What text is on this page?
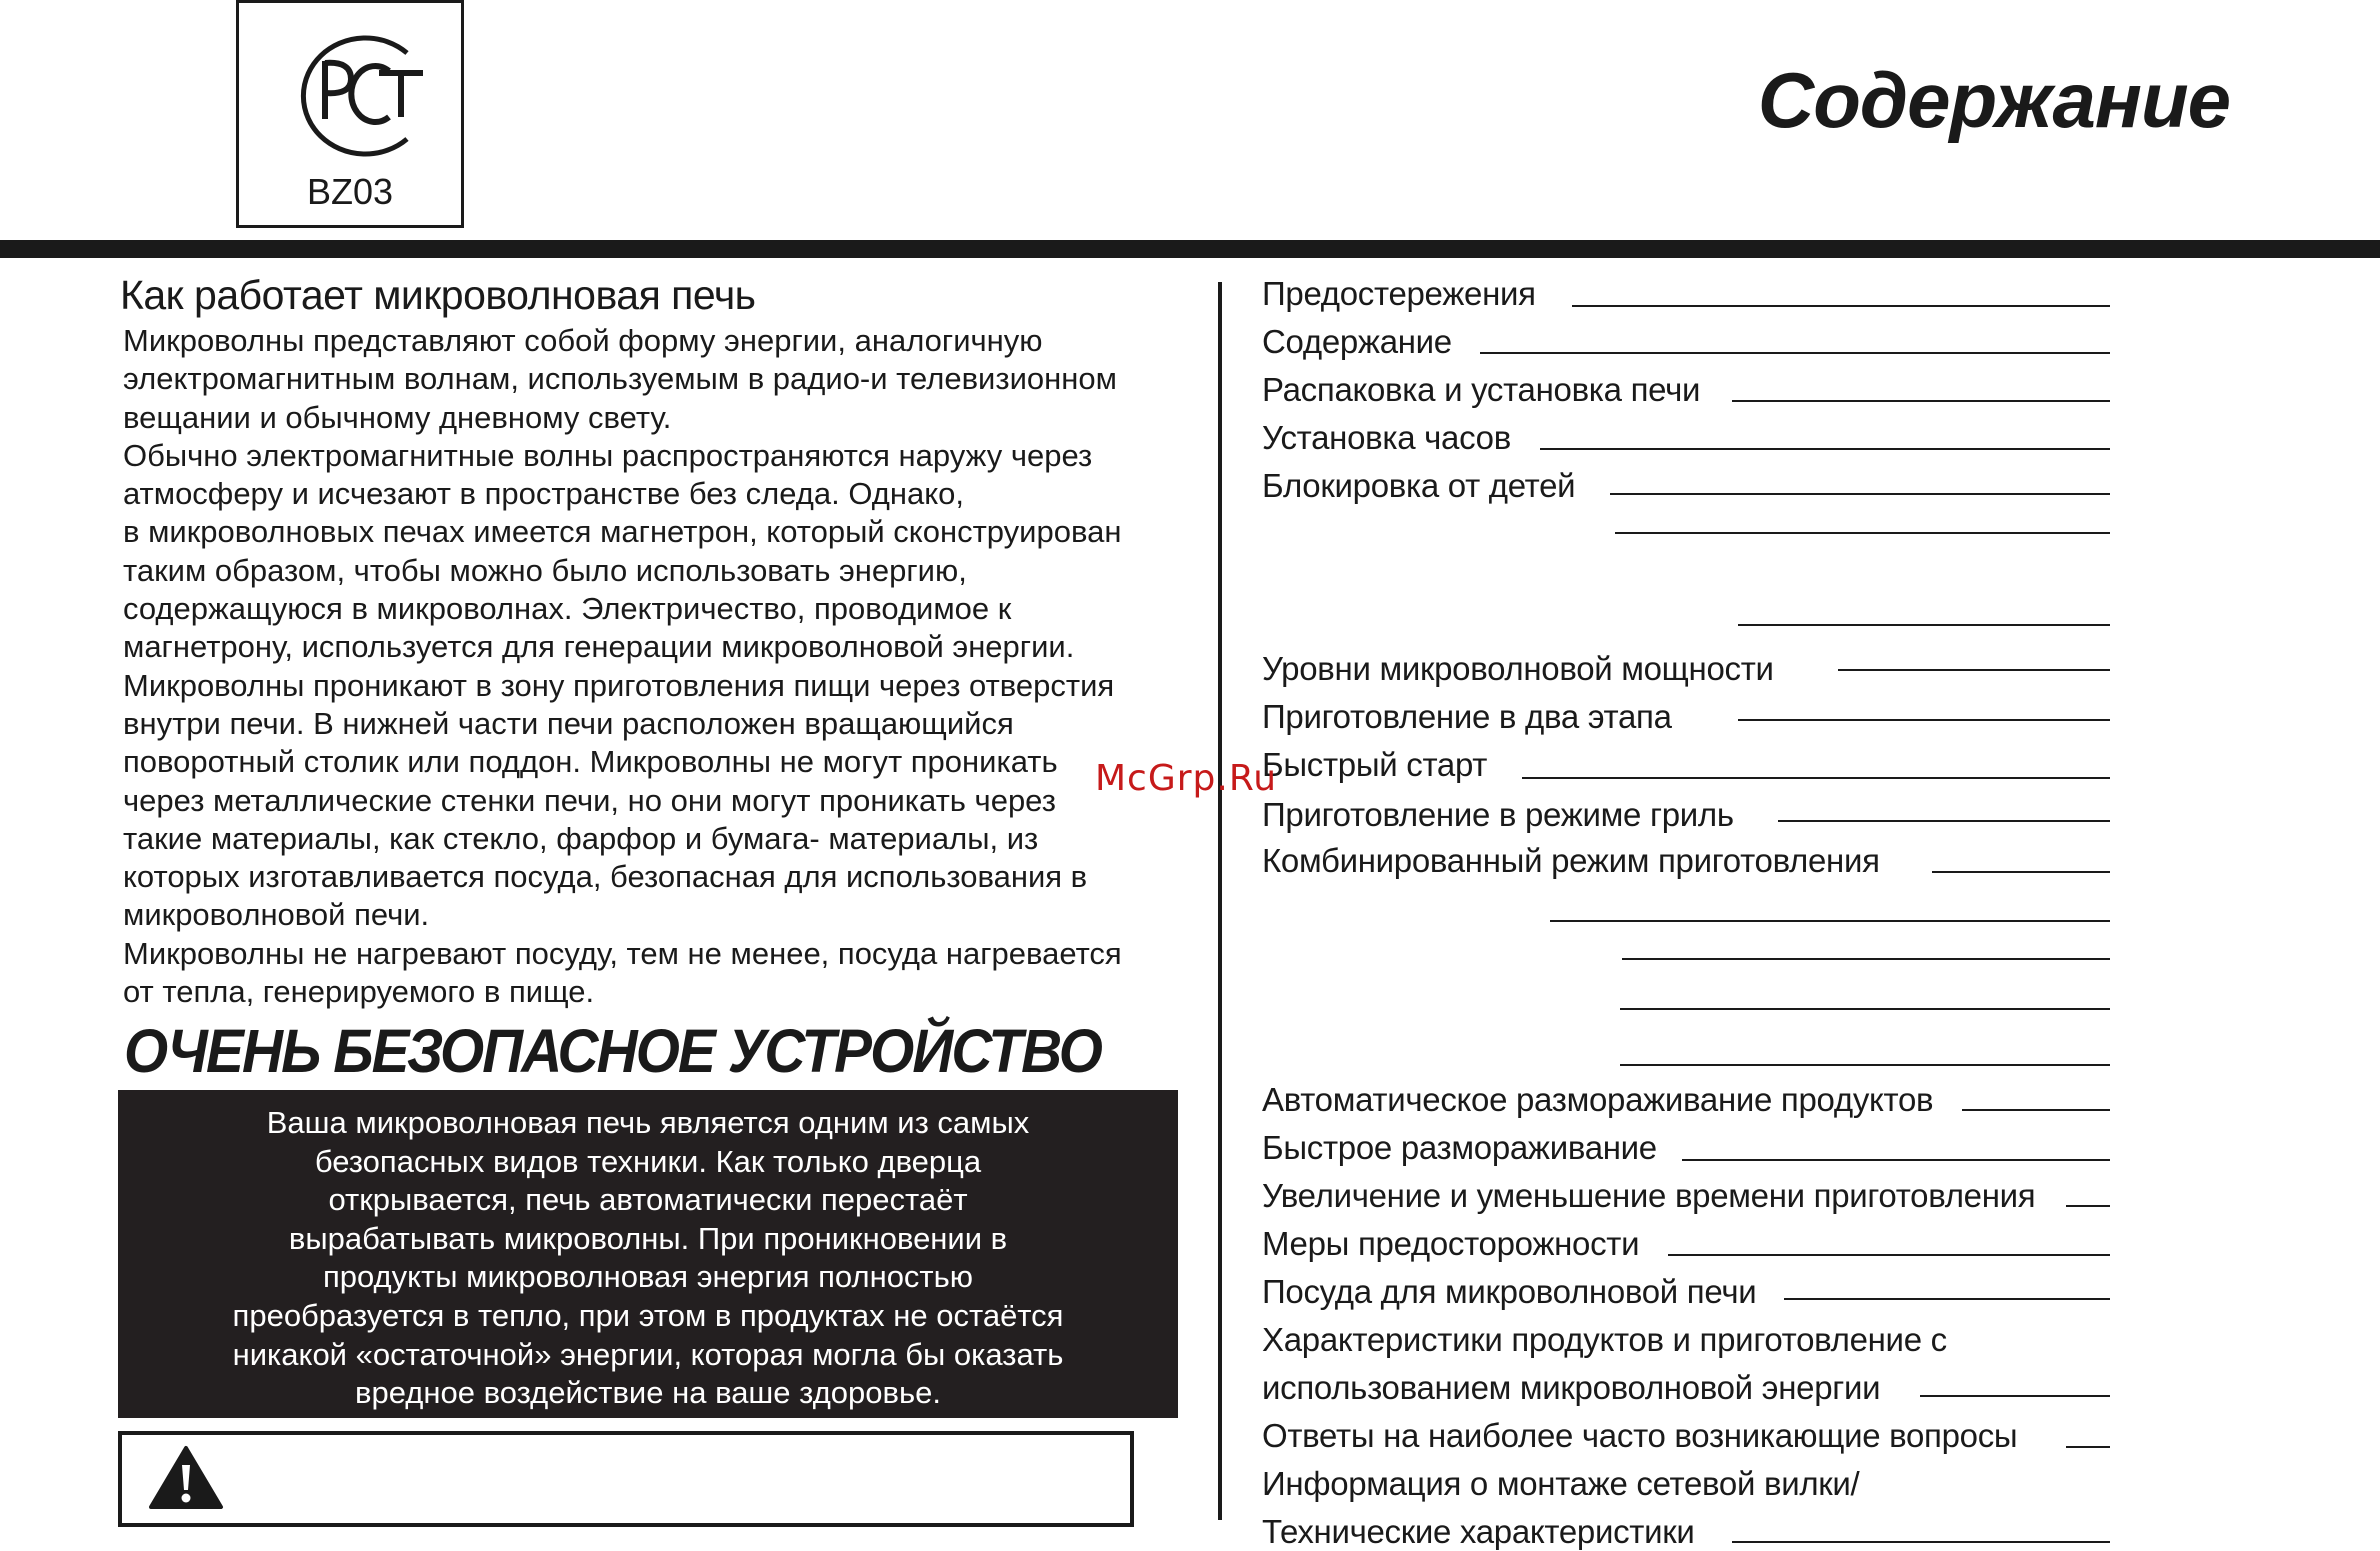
BZ03
Содержание
Как работает микроволновая печь
Микроволны представляют собой форму энергии, аналогичную
электромагнитным волнам, используемым в радио-и телевизионном
вещании и обычному дневному свету.
Обычно электромагнитные волны распространяются наружу через
атмосферу и исчезают в пространстве без следа. Однако,
в микроволновых печах имеется магнетрон, который сконструирован
таким образом, чтобы можно было использовать энергию,
содержащуюся в микроволнах. Электричество, проводимое к
магнетрону, используется для генерации микроволновой энергии.
Микроволны проникают в зону приготовления пищи через отверстия
внутри печи. В нижней части печи расположен вращающийся
поворотный столик или поддон. Микроволны не могут проникать
через металлические стенки печи, но они могут проникать через
такие материалы, как стекло, фарфор и бумага- материалы, из
которых изготавливается посуда, безопасная для использования в
микроволновой печи.
Микроволны не нагревают посуду, тем не менее, посуда нагревается
от тепла, генерируемого в пище.
ОЧЕНЬ БЕЗОПАСНОЕ УСТРОЙСТВО
Ваша микроволновая печь является одним из самых
безопасных видов техники. Как только дверца
открывается, печь автоматически перестаёт
вырабатывать микроволны. При проникновении в
продукты микроволновая энергия полностью
преобразуется в тепло, при этом в продуктах не остаётся
никакой «остаточной» энергии, которая могла бы оказать
вредное воздействие на ваше здоровье.
Предостережения
Содержание
Распаковка и установка печи
Установка часов
Блокировка от детей
Уровни микроволновой мощности
Приготовление в два этапа
Быстрый старт
Приготовление в режиме гриль
Комбинированный режим приготовления
Автоматическое размораживание продуктов
Быстрое размораживание
Увеличение и уменьшение времени приготовления
Меры предосторожности
Посуда для микроволновой печи
Характеристики продуктов и приготовление с
использованием микроволновой энергии
Ответы на наиболее часто возникающие вопросы
Информация о монтаже сетевой вилки/
Технические характеристики
McGrp.Ru
